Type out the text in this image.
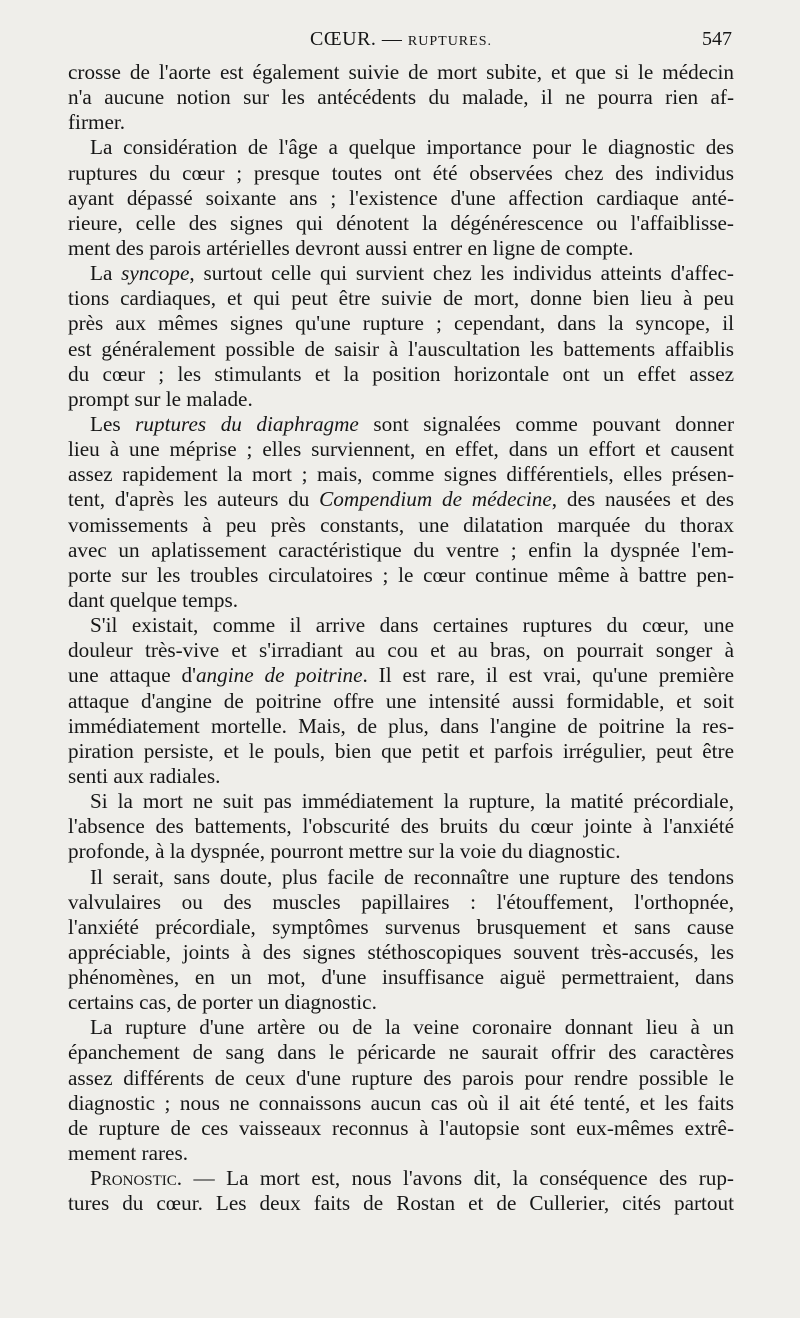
CŒUR. — RUPTURES.	547
crosse de l'aorte est également suivie de mort subite, et que si le médecin
n'a aucune notion sur les antécédents du malade, il ne pourra rien af-
firmer.
La considération de l'âge a quelque importance pour le diagnostic des
ruptures du cœur ; presque toutes ont été observées chez des individus
ayant dépassé soixante ans ; l'existence d'une affection cardiaque anté-
rieure, celle des signes qui dénotent la dégénérescence ou l'affaiblisse-
ment des parois artérielles devront aussi entrer en ligne de compte.
La syncope, surtout celle qui survient chez les individus atteints d'affec-
tions cardiaques, et qui peut être suivie de mort, donne bien lieu à peu
près aux mêmes signes qu'une rupture ; cependant, dans la syncope, il
est généralement possible de saisir à l'auscultation les battements affaiblis
du cœur ; les stimulants et la position horizontale ont un effet assez
prompt sur le malade.
Les ruptures du diaphragme sont signalées comme pouvant donner
lieu à une méprise ; elles surviennent, en effet, dans un effort et causent
assez rapidement la mort ; mais, comme signes différentiels, elles présen-
tent, d'après les auteurs du Compendium de médecine, des nausées et des
vomissements à peu près constants, une dilatation marquée du thorax
avec un aplatissement caractéristique du ventre ; enfin la dyspnée l'em-
porte sur les troubles circulatoires ; le cœur continue même à battre pen-
dant quelque temps.
S'il existait, comme il arrive dans certaines ruptures du cœur, une
douleur très-vive et s'irradiant au cou et au bras, on pourrait songer à
une attaque d'angine de poitrine. Il est rare, il est vrai, qu'une première
attaque d'angine de poitrine offre une intensité aussi formidable, et soit
immédiatement mortelle. Mais, de plus, dans l'angine de poitrine la res-
piration persiste, et le pouls, bien que petit et parfois irrégulier, peut être
senti aux radiales.
Si la mort ne suit pas immédiatement la rupture, la matité précordiale,
l'absence des battements, l'obscurité des bruits du cœur jointe à l'anxiété
profonde, à la dyspnée, pourront mettre sur la voie du diagnostic.
Il serait, sans doute, plus facile de reconnaître une rupture des tendons
valvulaires ou des muscles papillaires : l'étouffement, l'orthopnée,
l'anxiété précordiale, symptômes survenus brusquement et sans cause
appréciable, joints à des signes stéthoscopiques souvent très-accusés, les
phénomènes, en un mot, d'une insuffisance aiguë permettraient, dans
certains cas, de porter un diagnostic.
La rupture d'une artère ou de la veine coronaire donnant lieu à un
épanchement de sang dans le péricarde ne saurait offrir des caractères
assez différents de ceux d'une rupture des parois pour rendre possible le
diagnostic ; nous ne connaissons aucun cas où il ait été tenté, et les faits
de rupture de ces vaisseaux reconnus à l'autopsie sont eux-mêmes extrê-
mement rares.
Pronostic. — La mort est, nous l'avons dit, la conséquence des rup-
tures du cœur. Les deux faits de Rostan et de Cullerier, cités partout
